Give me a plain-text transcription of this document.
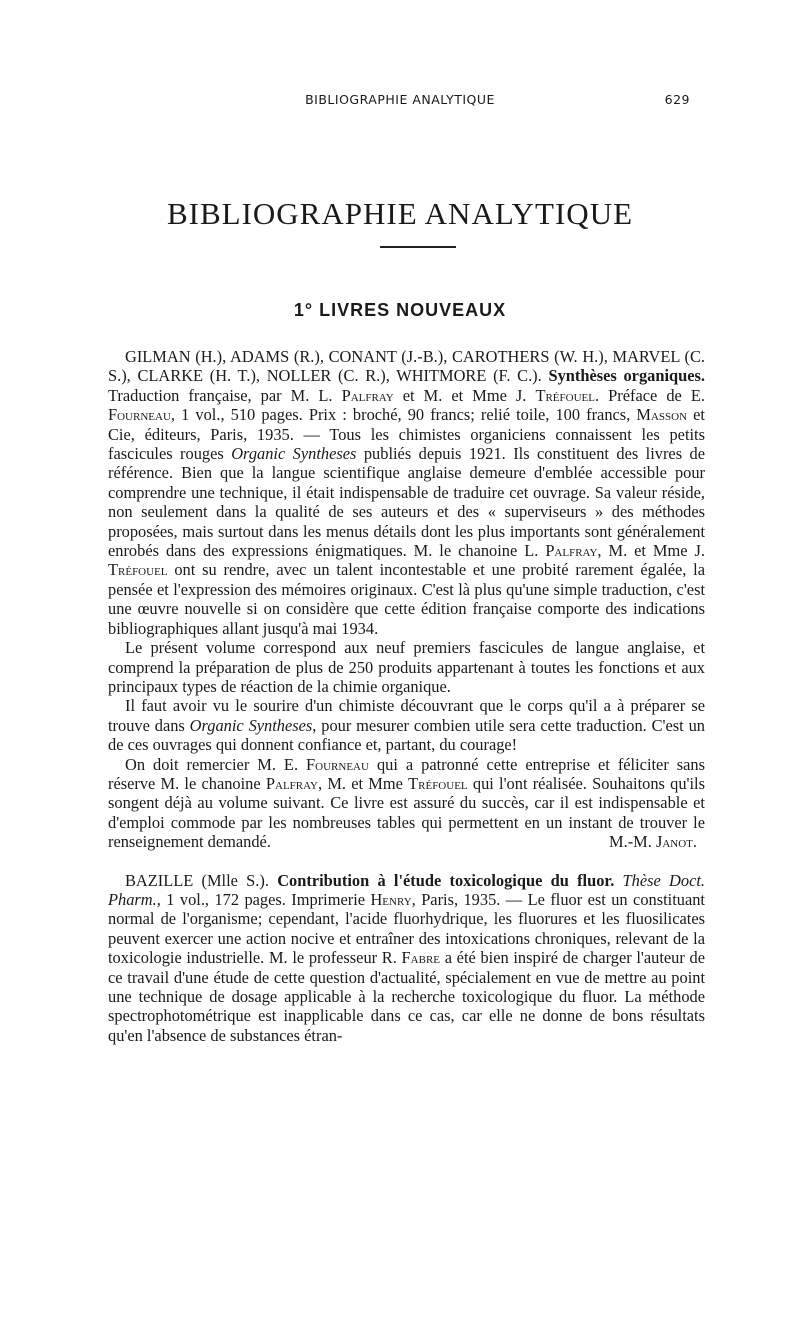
BIBLIOGRAPHIE ANALYTIQUE	629
BIBLIOGRAPHIE ANALYTIQUE
1° LIVRES NOUVEAUX

GILMAN (H.), ADAMS (R.), CONANT (J.-B.), CAROTHERS (W. H.), MARVEL (C. S.), CLARKE (H. T.), NOLLER (C. R.), WHITMORE (F. C.). Synthèses organiques. Traduction française, par M. L. Palfray et M. et Mme J. Tréfouel. Préface de E. Fourneau, 1 vol., 510 pages. Prix : broché, 90 francs; relié toile, 100 francs, Masson et Cie, éditeurs, Paris, 1935. — Tous les chimistes organiciens connaissent les petits fascicules rouges Organic Syntheses publiés depuis 1921. Ils constituent des livres de référence. Bien que la langue scientifique anglaise demeure d'emblée accessible pour comprendre une technique, il était indispensable de traduire cet ouvrage. Sa valeur réside, non seulement dans la qualité de ses auteurs et des « superviseurs » des méthodes proposées, mais surtout dans les menus détails dont les plus importants sont généralement enrobés dans des expressions énigmatiques. M. le chanoine L. Palfray, M. et Mme J. Tréfouel ont su rendre, avec un talent incontestable et une probité rarement égalée, la pensée et l'expression des mémoires originaux. C'est là plus qu'une simple traduction, c'est une œuvre nouvelle si on considère que cette édition française comporte des indications bibliographiques allant jusqu'à mai 1934.

Le présent volume correspond aux neuf premiers fascicules de langue anglaise, et comprend la préparation de plus de 250 produits appartenant à toutes les fonctions et aux principaux types de réaction de la chimie organique.

Il faut avoir vu le sourire d'un chimiste découvrant que le corps qu'il a à préparer se trouve dans Organic Syntheses, pour mesurer combien utile sera cette traduction. C'est un de ces ouvrages qui donnent confiance et, partant, du courage!

On doit remercier M. E. Fourneau qui a patronné cette entreprise et féliciter sans réserve M. le chanoine Palfray, M. et Mme Tréfouel qui l'ont réalisée. Souhaitons qu'ils songent déjà au volume suivant. Ce livre est assuré du succès, car il est indispensable et d'emploi commode par les nombreuses tables qui permettent en un instant de trouver le renseignement demandé.	M.-M. Janot.

BAZILLE (Mlle S.). Contribution à l'étude toxicologique du fluor. Thèse Doct. Pharm., 1 vol., 172 pages. Imprimerie Henry, Paris, 1935. — Le fluor est un constituant normal de l'organisme; cependant, l'acide fluorhydrique, les fluorures et les fluosilicates peuvent exercer une action nocive et entraîner des intoxications chroniques, relevant de la toxicologie industrielle. M. le professeur R. Fabre a été bien inspiré de charger l'auteur de ce travail d'une étude de cette question d'actualité, spécialement en vue de mettre au point une technique de dosage applicable à la recherche toxicologique du fluor. La méthode spectrophotométrique est inapplicable dans ce cas, car elle ne donne de bons résultats qu'en l'absence de substances étran-
